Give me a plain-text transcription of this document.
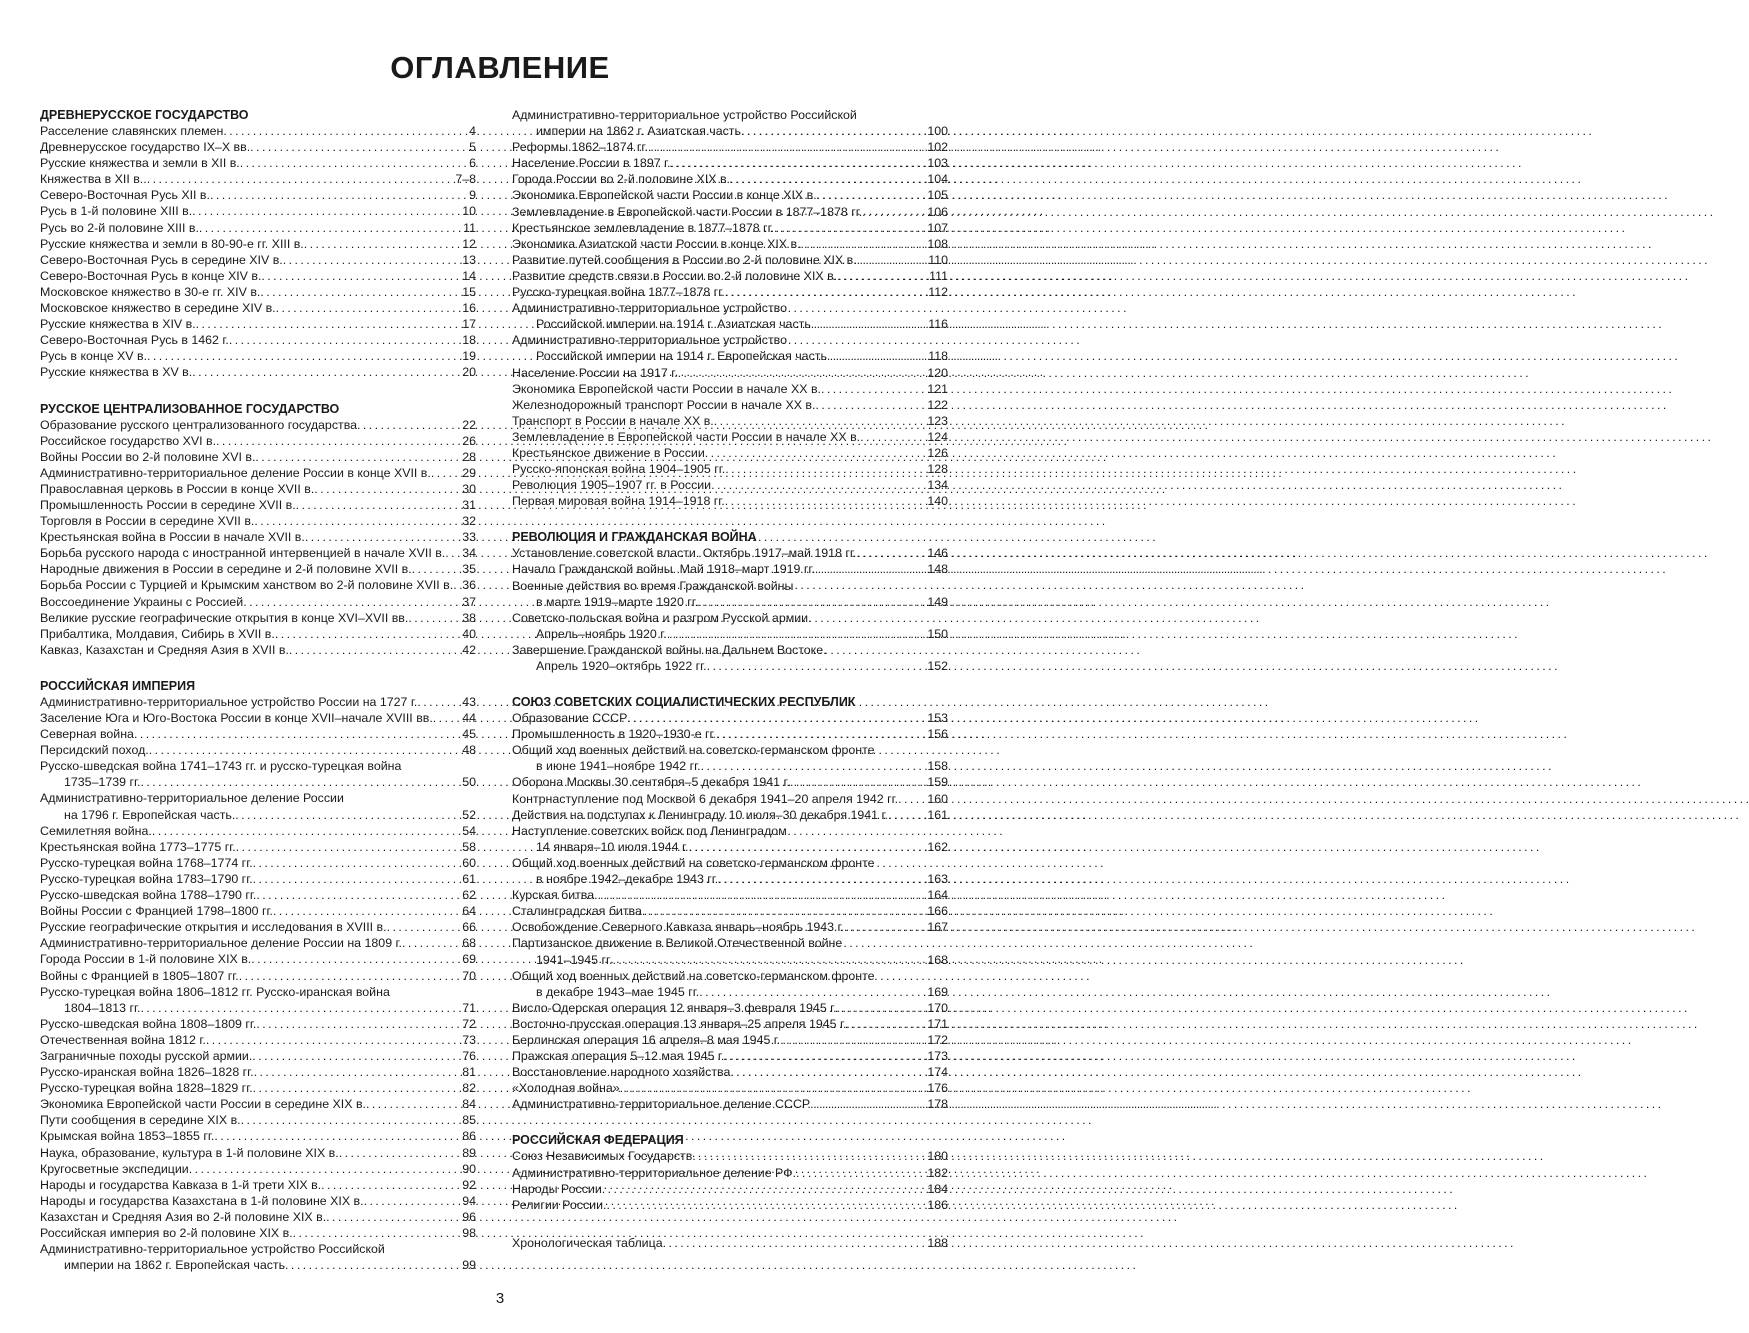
ОГЛАВЛЕНИЕ
ДРЕВНЕРУССКОЕ ГОСУДАРСТВО
Расселение славянских племен . . .	4
Древнерусское государство IX–X вв. . . .	5
Русские княжества и земли в XII в. . . .	6
Княжества в XII в.. . . .	7–8
Северо-Восточная Русь XII в. . . .	9
Русь в 1-й половине XIII в. . . .	10
Русь во 2-й половине XIII в. . . .	11
Русские княжества и земли в 80-90-е гг. XIII в. . . .	12
Северо-Восточная Русь в середине XIV в. . . .	13
Северо-Восточная Русь в конце XIV в. . . .	14
Московское княжество в 30-е гг. XIV в. . . .	15
Московское княжество в середине XIV в. . . .	16
Русские княжества в XIV в. . . .	17
Северо-Восточная Русь в 1462 г. . . .	18
Русь в конце XV в. . . .	19
Русские княжества в XV в. . . .	20
РУССКОЕ ЦЕНТРАЛИЗОВАННОЕ ГОСУДАРСТВО
Образование русского централизованного государства . . .	22
Российское государство XVI в. . . .	26
Войны России во 2-й половине XVI в. . . .	28
Административно-территориальное деление России в конце XVII в. . . .	29
Православная церковь в России в конце XVII в. . . .	30
Промышленность России в середине XVII в. . . .	31
Торговля в России в середине XVII в. . . .	32
Крестьянская война в России в начале XVII в. . . .	33
Борьба русского народа с иностранной интервенцией в начале XVII в. . . . 34
Народные движения в России в середине и 2-й половине XVII в. . . .	35
Борьба России с Турцией и Крымским ханством во 2-й половине XVII в. . . . 36
Воссоединение Украины с Россией . . .	37
Великие русские географические открытия в конце XVI–XVII вв. . . .	38
Прибалтика, Молдавия, Сибирь в XVII в. . . .	40
Кавказ, Казахстан и Средняя Азия в XVII в. . . .	42
РОССИЙСКАЯ ИМПЕРИЯ
Административно-территориальное устройство России на 1727 г. . . .	43
Заселение Юга и Юго-Востока России в конце XVII–начале XVIII вв. . . . 44
Северная война . . .	45
Персидский поход. . . .	48
Русско-шведская война 1741–1743 гг. и русско-турецкая война
1735–1739 гг. . . .	50
Административно-территориальное деление России
на 1796 г. Европейская часть. . . .	52
Семилетняя война. . . .	54
Крестьянская война 1773–1775 гг. . . .	58
Русско-турецкая война 1768–1774 гг. . . .	60
Русско-турецкая война 1783–1790 гг. . . .	61
Русско-шведская война 1788–1790 гг. . . .	62
Войны России с Францией 1798–1800 гг. . . .	64
Русские географические открытия и исследования в XVIII в. . . .	66
Административно-территориальное деление России на 1809 г. . . .	68
Города России в 1-й половине XIX в. . . .	69
Войны с Францией в 1805–1807 гг. . . .	70
Русско-турецкая война 1806–1812 гг. Русско-иранская война
1804–1813 гг. . . .	71
Русско-шведская война 1808–1809 гг. . . .	72
Отечественная война 1812 г. . . .	73
Заграничные походы русской армии. . . .	76
Русско-иранская война 1826–1828 гг. . . .	81
Русско-турецкая война 1828–1829 гг. . . .	82
Экономика Европейской части России в середине XIX в. . . .	84
Пути сообщения в середине XIX в. . . .	85
Крымская война 1853–1855 гг. . . .	86
Наука, образование, культура в 1-й половине XIX в. . . .	89
Кругосветные экспедиции . . .	90
Народы и государства Кавказа в 1-й трети XIX в. . . .	92
Народы и государства Казахстана в 1-й половине XIX в. . . .	94
Казахстан и Средняя Азия во 2-й половине XIX в. . . .	96
Российская империя во 2-й половине XIX в. . . .	98
Административно-территориальное устройство Российской
империи на 1862 г. Европейская часть . . .	99
Административно-территориальное устройство Российской
империи на 1862 г. Азиатская часть . . .	100
Реформы 1862–1874 гг. . . .	102
Население России в 1897 г. . . .	103
Города России во 2-й половине XIX в. . . .	104
Экономика Европейской части России в конце XIX в. . . .	105
Землевладение в Европейской части России в 1877–1878 гг. . . .	106
Крестьянское землевладение в 1877–1878 гг. . . .	107
Экономика Азиатской части России в конце XIX в. . . .	108
Развитие путей сообщения в России во 2-й половине XIX в. . . .	110
Развитие средств связи в России во 2-й половине XIX в. . . .	111
Русско-турецкая война 1877–1878 гг. . . .	112
Административно-территориальное устройство
Российской империи на 1914 г. Азиатская часть . . .	116
Административно-территориальное устройство
Российской империи на 1914 г. Европейская часть . . .	118
Население России на 1917 г. . . .	120
Экономика Европейской части России в начале XX в. . . .	121
Железнодорожный транспорт России в начале XX в. . . .	122
Транспорт в России в начале XX в. . . .	123
Землевладение в Европейской части России в начале XX в. . . .	124
Крестьянское движение в России . . .	126
Русско-японская война 1904–1905 гг. . . .	128
Революция 1905–1907 гг. в России . . .	134
Первая мировая война 1914–1918 гг. . . .	140
РЕВОЛЮЦИЯ И ГРАЖДАНСКАЯ ВОЙНА
Установление советской власти. Октябрь 1917–май 1918 гг. . . .	146
Начало Гражданской войны. Май 1918–март 1919 гг. . . .	148
Военные действия во время Гражданской войны
в марте 1919–марте 1920 гг. . . .	149
Советско-польская война и разгром Русской армии.
Апрель–ноябрь 1920 г. . . .	150
Завершение Гражданской войны на Дальнем Востоке.
Апрель 1920–октябрь 1922 гг. . . .	152
СОЮЗ СОВЕТСКИХ СОЦИАЛИСТИЧЕСКИХ РЕСПУБЛИК
Образование СССР . . .	153
Промышленность в 1920–1930-е гг. . . .	156
Общий ход военных действий на советско-германском фронте
в июне 1941–ноябре 1942 гг. . . .	158
Оборона Москвы 30 сентября–5 декабря 1941 г. . . .	159
Контрнаступление под Москвой 6 декабря 1941–20 апреля 1942 гг. . . . 160
Действия на подступах к Ленинграду 10 июля–30 декабря 1941 г. . . .	161
Наступление советских войск под Ленинградом
14 января–10 июля 1944 г. . . .	162
Общий ход военных действий на советско-германском фронте
в ноябре 1942–декабре 1943 гг. . . .	163
Курская битва . . .	164
Сталинградская битва . . .	166
Освобождение Северного Кавказа январь–ноябрь 1943 г. . . .	167
Партизанское движение в Великой Отечественной войне
1941–1945 гг. . . .	168
Общий ход военных действий на советско-германском фронте
в декабре 1943–мае 1945 гг. . . .	169
Висло-Одерская операция 12 января–3 февраля 1945 г. . . .	170
Восточно-прусская операция 13 января–25 апреля 1945 г. . . .	171
Берлинская операция 16 апреля–8 мая 1945 г. . . .	172
Пражская операция 5–12 мая 1945 г. . . .	173
Восстановление народного хозяйства . . .	174
«Холодная война» . . .	176
Административно-территориальное деление СССР . . .	178
РОССИЙСКАЯ ФЕДЕРАЦИЯ
Союз Независимых Государств . . .	180
Административно-территориальное деление РФ. . . .	182
Народы России . . .	184
Религии России. . . .	186
Хронологическая таблица . . .	188
3
